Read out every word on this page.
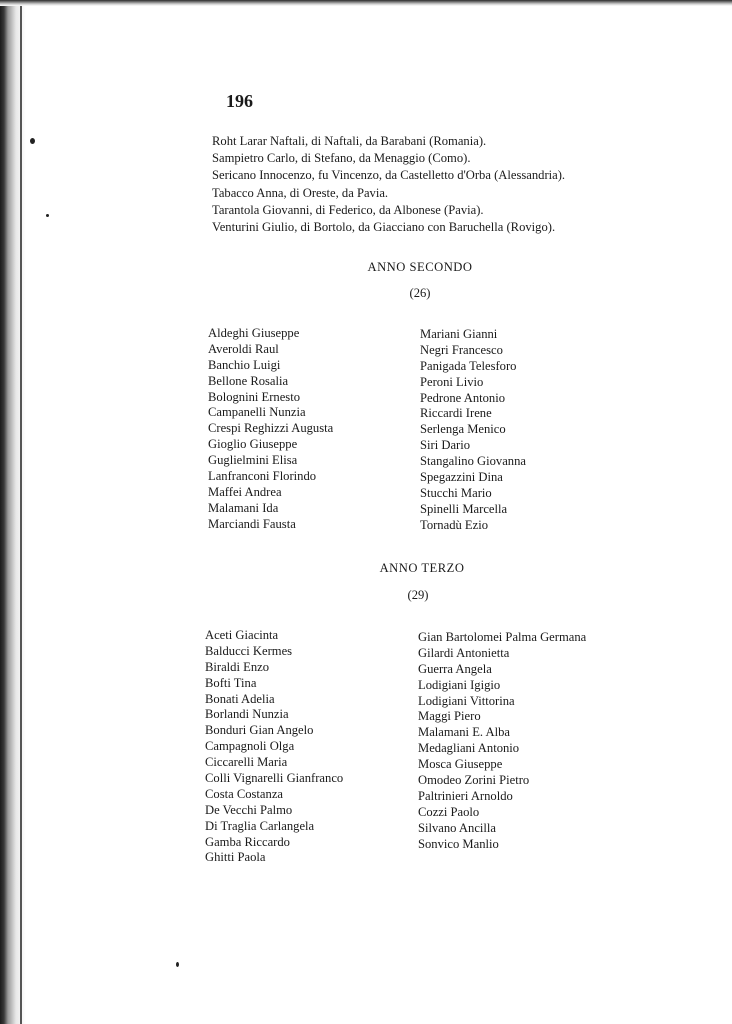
196
Roht Larar Naftali, di Naftali, da Barabani (Romania).
Sampietro Carlo, di Stefano, da Menaggio (Como).
Sericano Innocenzo, fu Vincenzo, da Castelletto d'Orba (Alessandria).
Tabacco Anna, di Oreste, da Pavia.
Tarantola Giovanni, di Federico, da Albonese (Pavia).
Venturini Giulio, di Bortolo, da Giacciano con Baruchella (Rovigo).
ANNO SECONDO
(26)
Aldeghi Giuseppe
Averoldi Raul
Banchio Luigi
Bellone Rosalia
Bolognini Ernesto
Campanelli Nunzia
Crespi Reghizzi Augusta
Gioglio Giuseppe
Guglielmini Elisa
Lanfranconi Florindo
Maffei Andrea
Malamani Ida
Marciandi Fausta
Mariani Gianni
Negri Francesco
Panigada Telesforo
Peroni Livio
Pedrone Antonio
Riccardi Irene
Serlenga Menico
Siri Dario
Stangalino Giovanna
Spegazzini Dina
Stucchi Mario
Spinelli Marcella
Tornadù Ezio
ANNO TERZO
(29)
Aceti Giacinta
Balducci Kermes
Biraldi Enzo
Bofti Tina
Bonati Adelia
Borlandi Nunzia
Bonduri Gian Angelo
Campagnoli Olga
Ciccarelli Maria
Colli Vignarelli Gianfranco
Costa Costanza
De Vecchi Palmo
Di Traglia Carlangela
Gamba Riccardo
Ghitti Paola
Gian Bartolomei Palma Germana
Gilardi Antonietta
Guerra Angela
Lodigiani Igigio
Lodigiani Vittorina
Maggi Piero
Malamani E. Alba
Medagliani Antonio
Mosca Giuseppe
Omodeo Zorini Pietro
Paltrinieri Arnoldo
Cozzi Paolo
Silvano Ancilla
Sonvico Manlio
